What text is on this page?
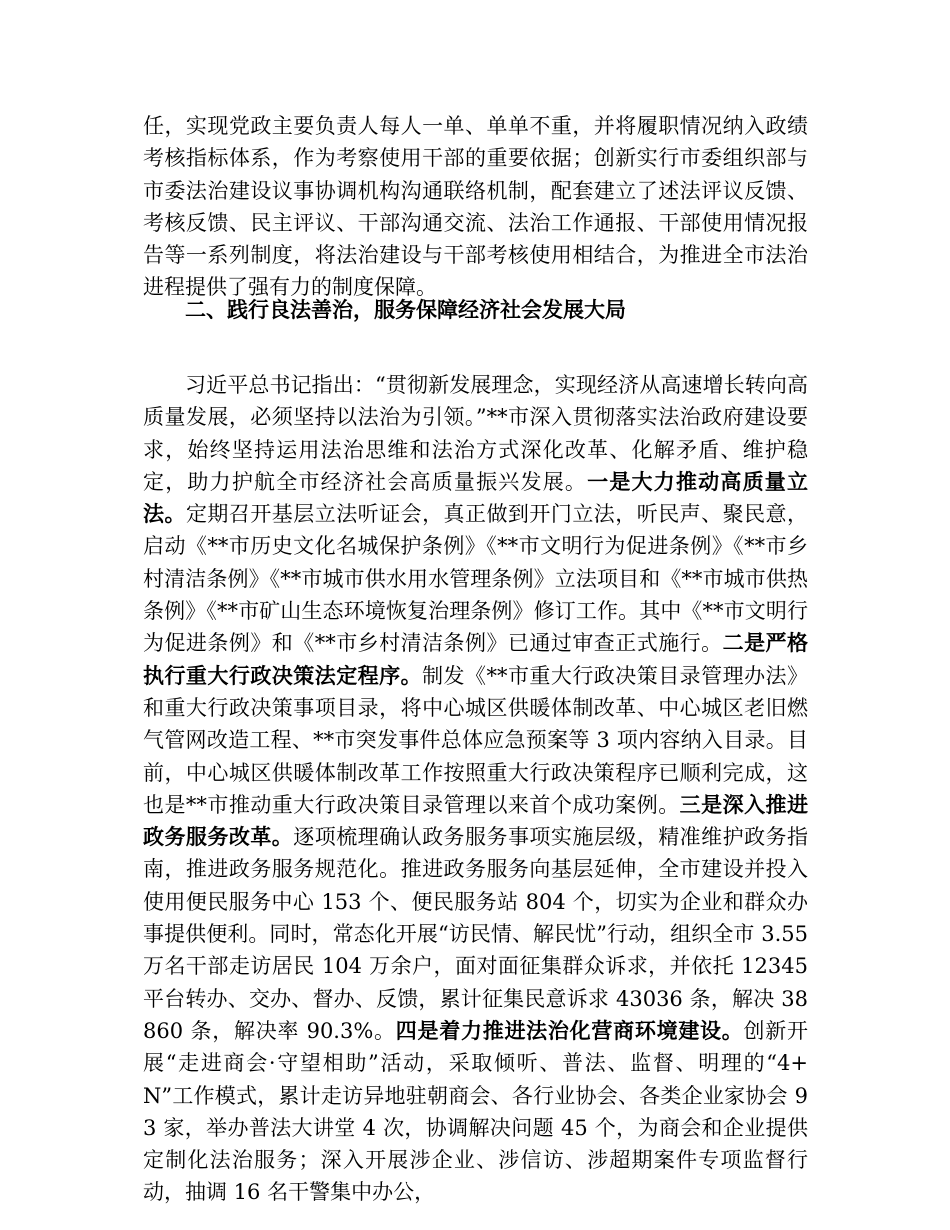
任，实现党政主要负责人每人一单、单单不重，并将履职情况纳入政绩考核指标体系，作为考察使用干部的重要依据；创新实行市委组织部与市委法治建设议事协调机构沟通联络机制，配套建立了述法评议反馈、考核反馈、民主评议、干部沟通交流、法治工作通报、干部使用情况报告等一系列制度，将法治建设与干部考核使用相结合，为推进全市法治进程提供了强有力的制度保障。

二、践行良法善治，服务保障经济社会发展大局

习近平总书记指出：“贯彻新发展理念，实现经济从高速增长转向高质量发展，必须坚持以法治为引领。”**市深入贯彻落实法治政府建设要求，始终坚持运用法治思维和法治方式深化改革、化解矛盾、维护稳定，助力护航全市经济社会高质量振兴发展。一是大力推动高质量立法。定期召开基层立法听证会，真正做到开门立法，听民声、聚民意，启动《**市历史文化名城保护条例》《**市文明行为促进条例》《**市乡村清洁条例》《**市城市供水用水管理条例》立法项目和《**市城市供热条例》《**市矿山生态环境恢复治理条例》修订工作。其中《**市文明行为促进条例》和《**市乡村清洁条例》已通过审查正式施行。二是严格执行重大行政决策法定程序。制发《**市重大行政决策目录管理办法》和重大行政决策事项目录，将中心城区供暖体制改革、中心城区老旧燃气管网改造工程、**市突发事件总体应急预案等 3 项内容纳入目录。目前，中心城区供暖体制改革工作按照重大行政决策程序已顺利完成，这也是**市推动重大行政决策目录管理以来首个成功案例。三是深入推进政务服务改革。逐项梳理确认政务服务事项实施层级，精准维护政务指南，推进政务服务规范化。推进政务服务向基层延伸，全市建设并投入使用便民服务中心 153 个、便民服务站 804 个，切实为企业和群众办事提供便利。同时，常态化开展“访民情、解民忧”行动，组织全市 3.55 万名干部走访居民 104 万余户，面对面征集群众诉求，并依托 12345 平台转办、交办、督办、反馈，累计征集民意诉求 43036 条，解决 38860 条，解决率 90.3%。四是着力推进法治化营商环境建设。创新开展“走进商会·守望相助”活动，采取倾听、普法、监督、明理的“4+N”工作模式，累计走访异地驻朝商会、各行业协会、各类企业家协会 93 家，举办普法大讲堂 4 次，协调解决问题 45 个，为商会和企业提供定制化法治服务；深入开展涉企业、涉信访、涉超期案件专项监督行动，抽调 16 名干警集中办公，
